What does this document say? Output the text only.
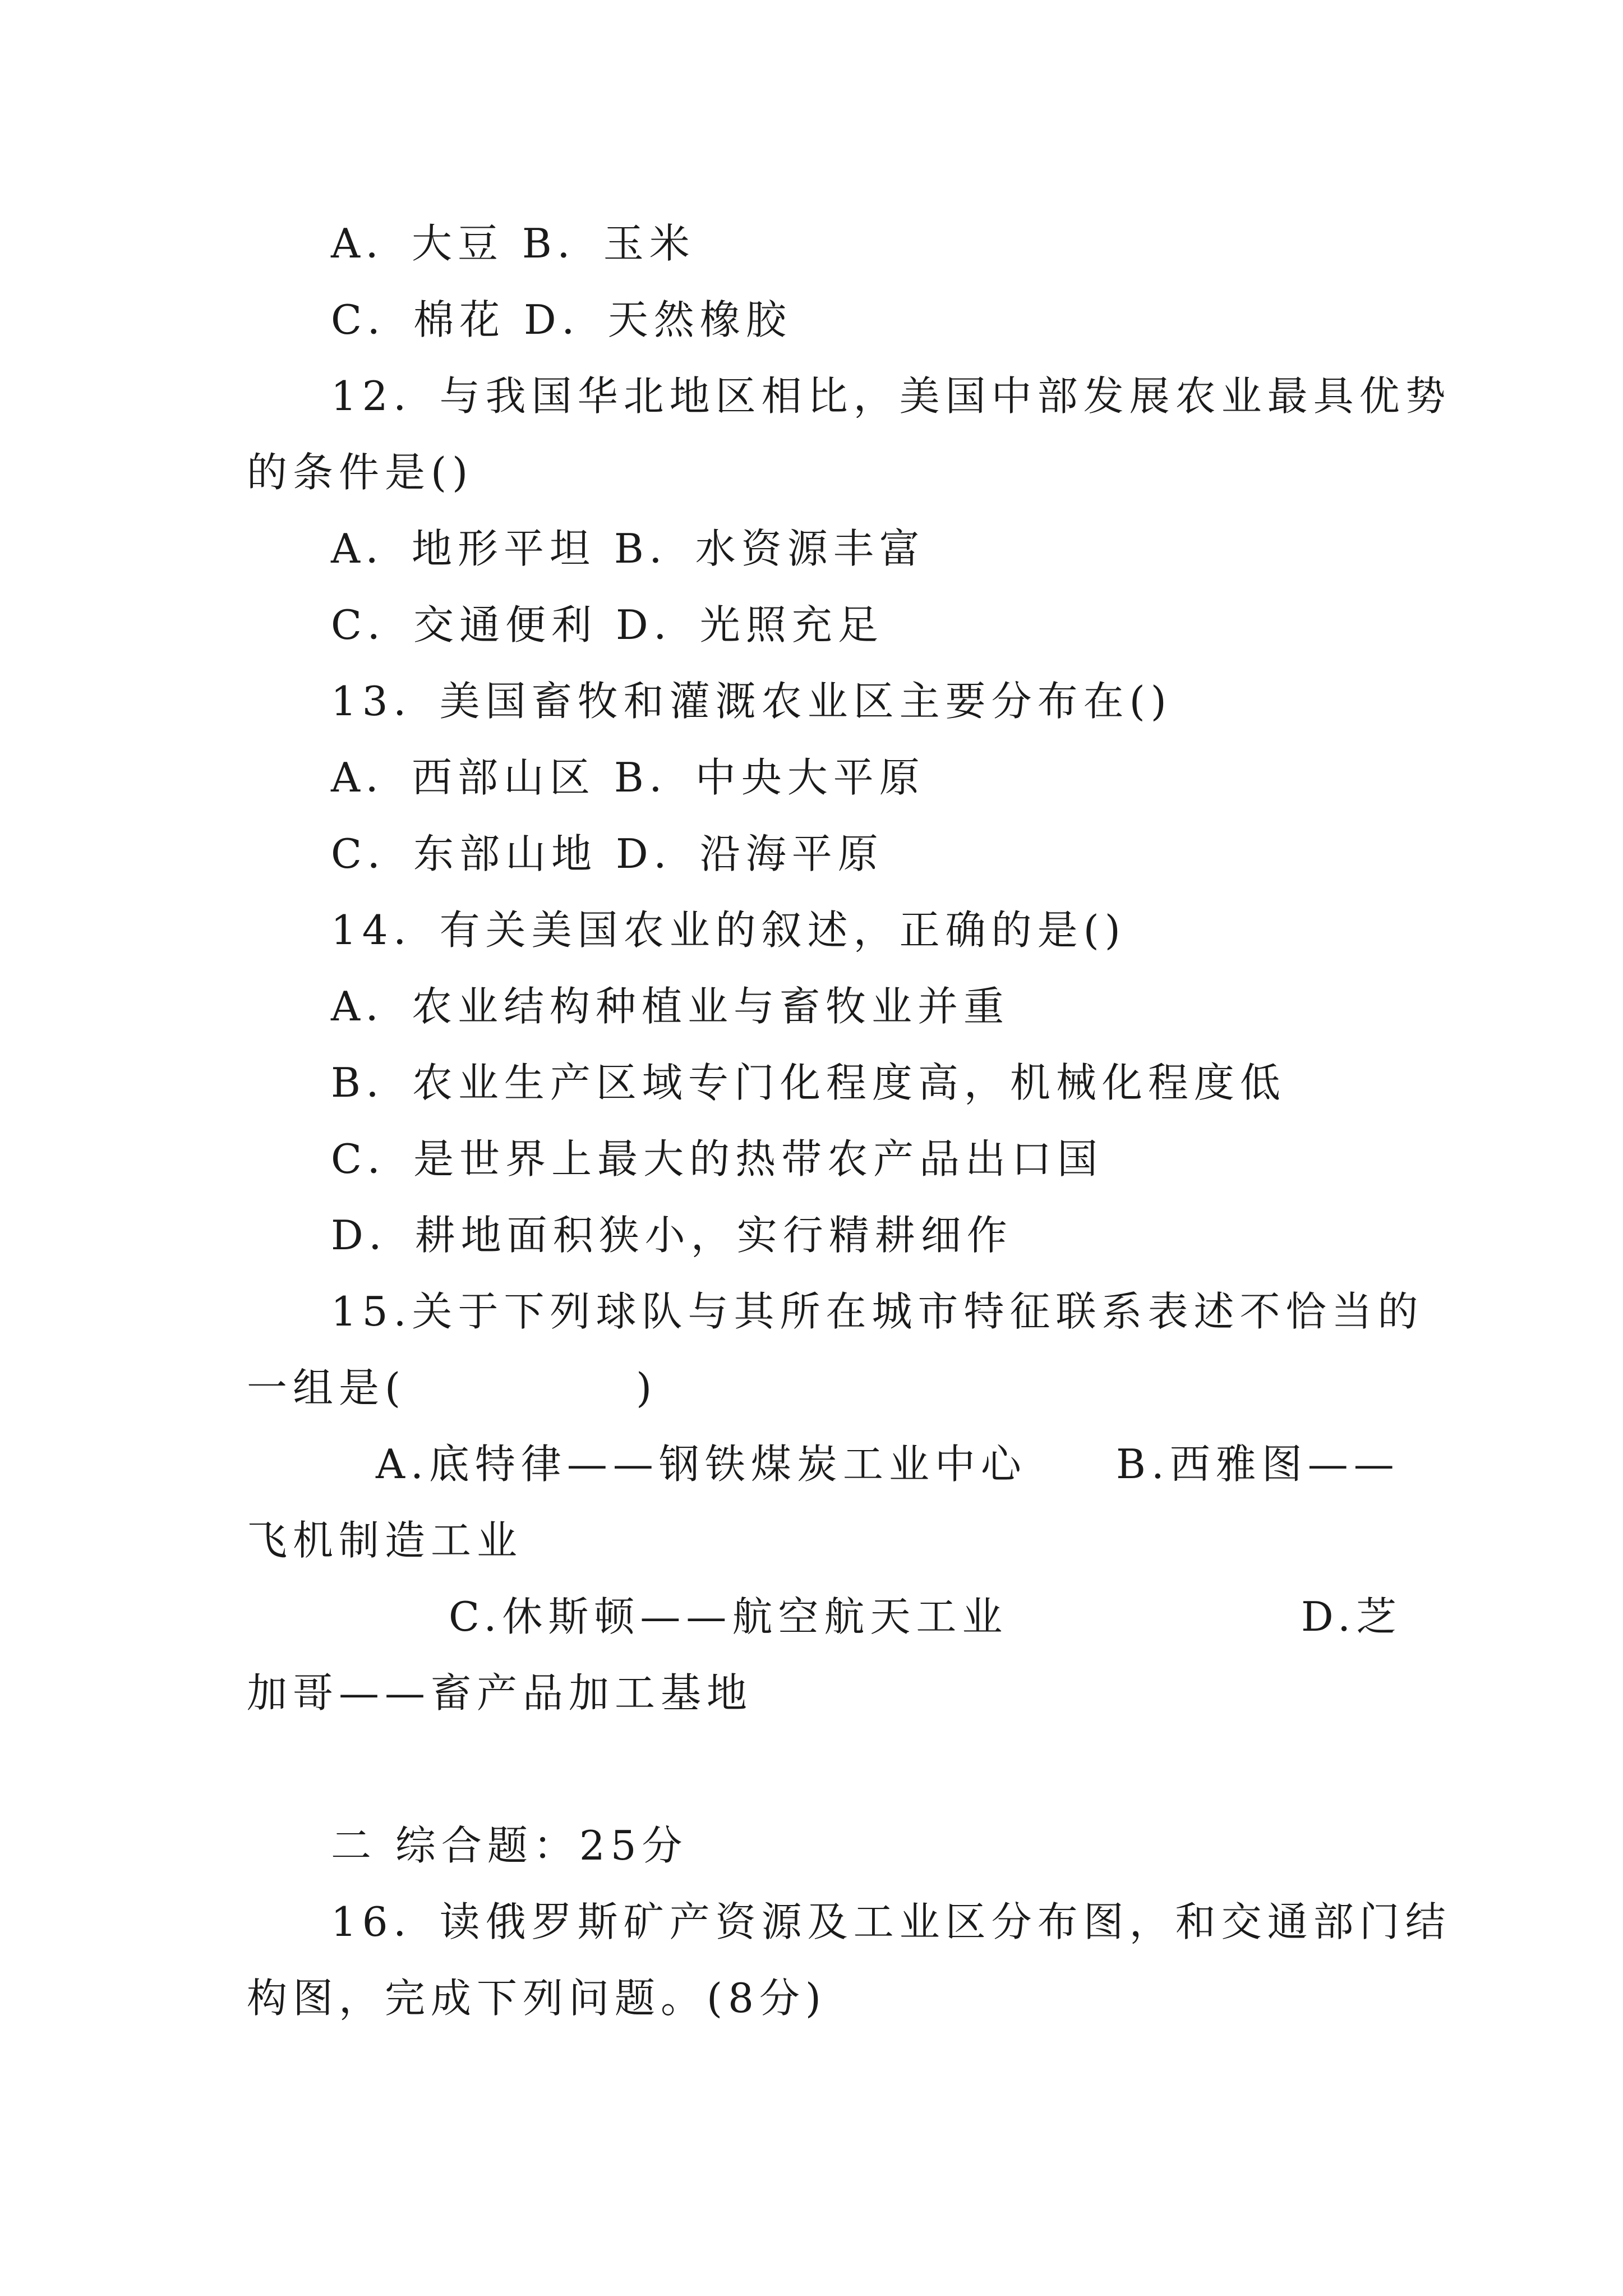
A．大豆 B．玉米
C．棉花 D．天然橡胶
12．与我国华北地区相比，美国中部发展农业最具优势
的条件是()
A．地形平坦 B．水资源丰富
C．交通便利 D．光照充足
13．美国畜牧和灌溉农业区主要分布在()
A．西部山区 B．中央大平原
C．东部山地 D．沿海平原
14．有关美国农业的叙述，正确的是()
A．农业结构种植业与畜牧业并重
B．农业生产区域专门化程度高，机械化程度低
C．是世界上最大的热带农产品出口国
D．耕地面积狭小，实行精耕细作
15.关于下列球队与其所在城市特征联系表述不恰当的
一组是(　　　　　)
A.底特律——钢铁煤炭工业中心 B.西雅图——
飞机制造工业
C.休斯顿——航空航天工业	D.芝
加哥——畜产品加工基地
二 综合题：25分
16．读俄罗斯矿产资源及工业区分布图，和交通部门结
构图，完成下列问题。(8分)
